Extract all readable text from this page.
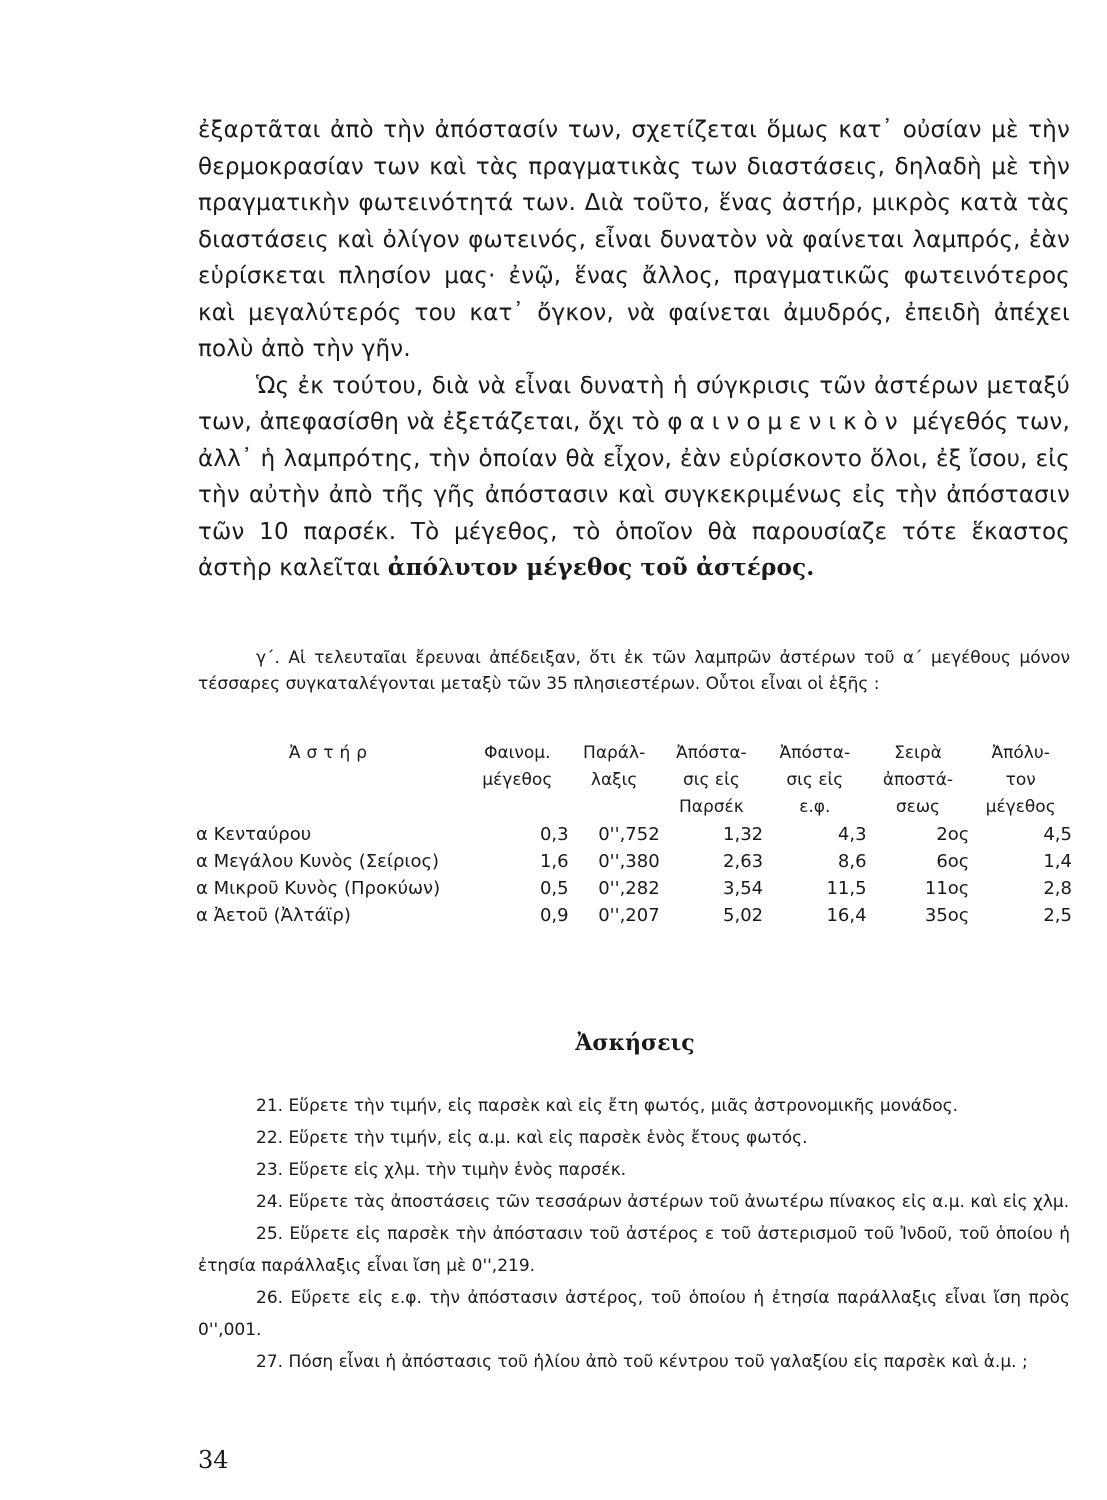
ἐξαρτᾶται ἀπὸ τὴν ἀπόστασίν των, σχετίζεται ὅμως κατ᾽ οὐσίαν μὲ τὴν θερμοκρασίαν των καὶ τὰς πραγματικὰς των διαστάσεις, δηλαδὴ μὲ τὴν πραγματικὴν φωτεινότητά των. Διὰ τοῦτο, ἕνας ἀστήρ, μικρὸς κατὰ τὰς διαστάσεις καὶ ὀλίγον φωτεινός, εἶναι δυνατὸν νὰ φαίνεται λαμπρός, ἐὰν εὑρίσκεται πλησίον μας· ἐνῷ, ἕνας ἄλλος, πραγματικῶς φωτεινότερος καὶ μεγαλύτερός του κατ᾽ ὄγκον, νὰ φαίνεται ἀμυδρός, ἐπειδὴ ἀπέχει πολὺ ἀπὸ τὴν γῆν.

Ὡς ἐκ τούτου, διὰ νὰ εἶναι δυνατὴ ἡ σύγκρισις τῶν ἀστέρων μεταξύ των, ἀπεφασίσθη νὰ ἐξετάζεται, ὄχι τὸ φαινομενικὸν μέγεθός των, ἀλλ᾽ ἡ λαμπρότης, τὴν ὁποίαν θὰ εἶχον, ἐὰν εὑρίσκοντο ὅλοι, ἐξ ἴσου, εἰς τὴν αὐτὴν ἀπὸ τῆς γῆς ἀπόστασιν καὶ συγκεκριμένως εἰς τὴν ἀπόστασιν τῶν 10 παρσέκ. Τὸ μέγεθος, τὸ ὁποῖον θὰ παρουσίαζε τότε ἕκαστος ἀστὴρ καλεῖται ἀπόλυτον μέγεθος τοῦ ἀστέρος.

γ΄. Αἱ τελευταῖαι ἔρευναι ἀπέδειξαν, ὅτι ἐκ τῶν λαμπρῶν ἀστέρων τοῦ α΄ μεγέθους μόνον τέσσαρες συγκαταλέγονται μεταξὺ τῶν 35 πλησιεστέρων. Οὗτοι εἶναι οἱ ἑξῆς :

Ἀστήρ	Φαινομ.	Παράλ-	Ἀπόστα-	Ἀπόστα-	Σειρὰ	Ἀπόλυ-
	μέγεθος	λαξις	σις εἰς	σις εἰς	ἀποστά-	τον
			Παρσέκ	ε.φ.	σεως	μέγεθος
α Κενταύρου	0,3	0'',752	1,32	4,3	2ος	4,5
α Μεγάλου Κυνὸς (Σείριος)	1,6	0'',380	2,63	8,6	6ος	1,4
α Μικροῦ Κυνὸς (Προκύων)	0,5	0'',282	3,54	11,5	11ος	2,8
α Ἀετοῦ (Ἀλτάϊρ)	0,9	0'',207	5,02	16,4	35ος	2,5
Ἀσκήσεις

21. Εὕρετε τὴν τιμήν, εἰς παρσὲκ καὶ εἰς ἔτη φωτός, μιᾶς ἀστρονομικῆς μονάδος.

22. Εὕρετε τὴν τιμήν, εἰς α.μ. καὶ εἰς παρσὲκ ἑνὸς ἔτους φωτός.

23. Εὕρετε εἰς χλμ. τὴν τιμὴν ἑνὸς παρσέκ.

24. Εὕρετε τὰς ἀποστάσεις τῶν τεσσάρων ἀστέρων τοῦ ἀνωτέρω πίνακος εἰς α.μ. καὶ εἰς χλμ.

25. Εὕρετε εἰς παρσὲκ τὴν ἀπόστασιν τοῦ ἀστέρος ε τοῦ ἀστερισμοῦ τοῦ Ἰνδοῦ, τοῦ ὁποίου ἡ ἐτησία παράλλαξις εἶναι ἴση μὲ 0'',219.

26. Εὕρετε εἰς ε.φ. τὴν ἀπόστασιν ἀστέρος, τοῦ ὁποίου ἡ ἐτησία παράλλαξις εἶναι ἴση πρὸς 0'',001.

27. Πόση εἶναι ἡ ἀπόστασις τοῦ ἡλίου ἀπὸ τοῦ κέντρου τοῦ γαλαξίου εἰς παρσὲκ καὶ ἁ.μ. ;

34
